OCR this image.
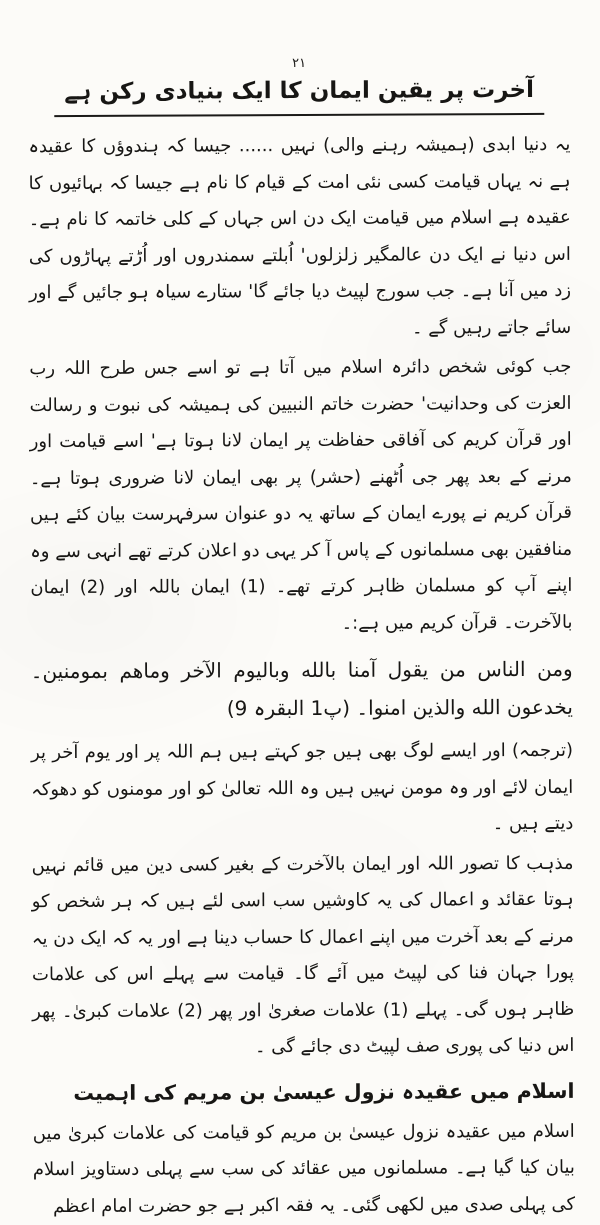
۲۱
آخرت پر یقین ایمان کا ایک بنیادی رکن ہے

یہ دنیا ابدی (ہمیشہ رہنے والی) نہیں ...... جیسا کہ ہندوؤں کا عقیدہ ہے نہ یہاں قیامت کسی نئی امت کے قیام کا نام ہے جیسا کہ بہائیوں کا عقیدہ ہے اسلام میں قیامت ایک دن اس جہاں کے کلی خاتمہ کا نام ہے۔ اس دنیا نے ایک دن عالمگیر زلزلوں' اُبلتے سمندروں اور اُڑتے پہاڑوں کی زد میں آنا ہے۔ جب سورج لپیٹ دیا جائے گا' ستارے سیاہ ہو جائیں گے اور سائے جاتے رہیں گے ۔

جب کوئی شخص دائرہ اسلام میں آتا ہے تو اسے جس طرح اللہ رب العزت کی وحدانیت' حضرت خاتم النبیین کی ہمیشہ کی نبوت و رسالت اور قرآن کریم کی آفاقی حفاظت پر ایمان لانا ہوتا ہے' اسے قیامت اور مرنے کے بعد پھر جی اُٹھنے (حشر) پر بھی ایمان لانا ضروری ہوتا ہے۔ قرآن کریم نے پورے ایمان کے ساتھ یہ دو عنوان سرفہرست بیان کئے ہیں منافقین بھی مسلمانوں کے پاس آ کر یہی دو اعلان کرتے تھے انہی سے وہ اپنے آپ کو مسلمان ظاہر کرتے تھے۔ (1) ایمان باللہ اور (2) ایمان بالآخرت۔ قرآن کریم میں ہے:۔

ومن الناس من يقول آمنا بالله وباليوم الآخر وماهم بمومنين۔ يخدعون الله والذين امنوا۔ (پ1 البقرہ 9)

(ترجمہ) اور ایسے لوگ بھی ہیں جو کہتے ہیں ہم اللہ پر اور یوم آخر پر ایمان لائے اور وہ مومن نہیں ہیں وہ اللہ تعالیٰ کو اور مومنوں کو دھوکہ دیتے ہیں ۔

مذہب کا تصور اللہ اور ایمان بالآخرت کے بغیر کسی دین میں قائم نہیں ہوتا عقائد و اعمال کی یہ کاوشیں سب اسی لئے ہیں کہ ہر شخص کو مرنے کے بعد آخرت میں اپنے اعمال کا حساب دینا ہے اور یہ کہ ایک دن یہ پورا جہان فنا کی لپیٹ میں آئے گا۔ قیامت سے پہلے اس کی علامات ظاہر ہوں گی۔ پہلے (1) علامات صغریٰ اور پھر (2) علامات کبریٰ۔ پھر اس دنیا کی پوری صف لپیٹ دی جائے گی ۔

اسلام میں عقیدہ نزول عیسیٰ بن مریم کی اہمیت

اسلام میں عقیدہ نزول عیسیٰ بن مریم کو قیامت کی علامات کبریٰ میں بیان کیا گیا ہے۔ مسلمانوں میں عقائد کی سب سے پہلی دستاویز اسلام کی پہلی صدی میں لکھی گئی۔ یہ فقہ اکبر ہے جو حضرت امام اعظم
